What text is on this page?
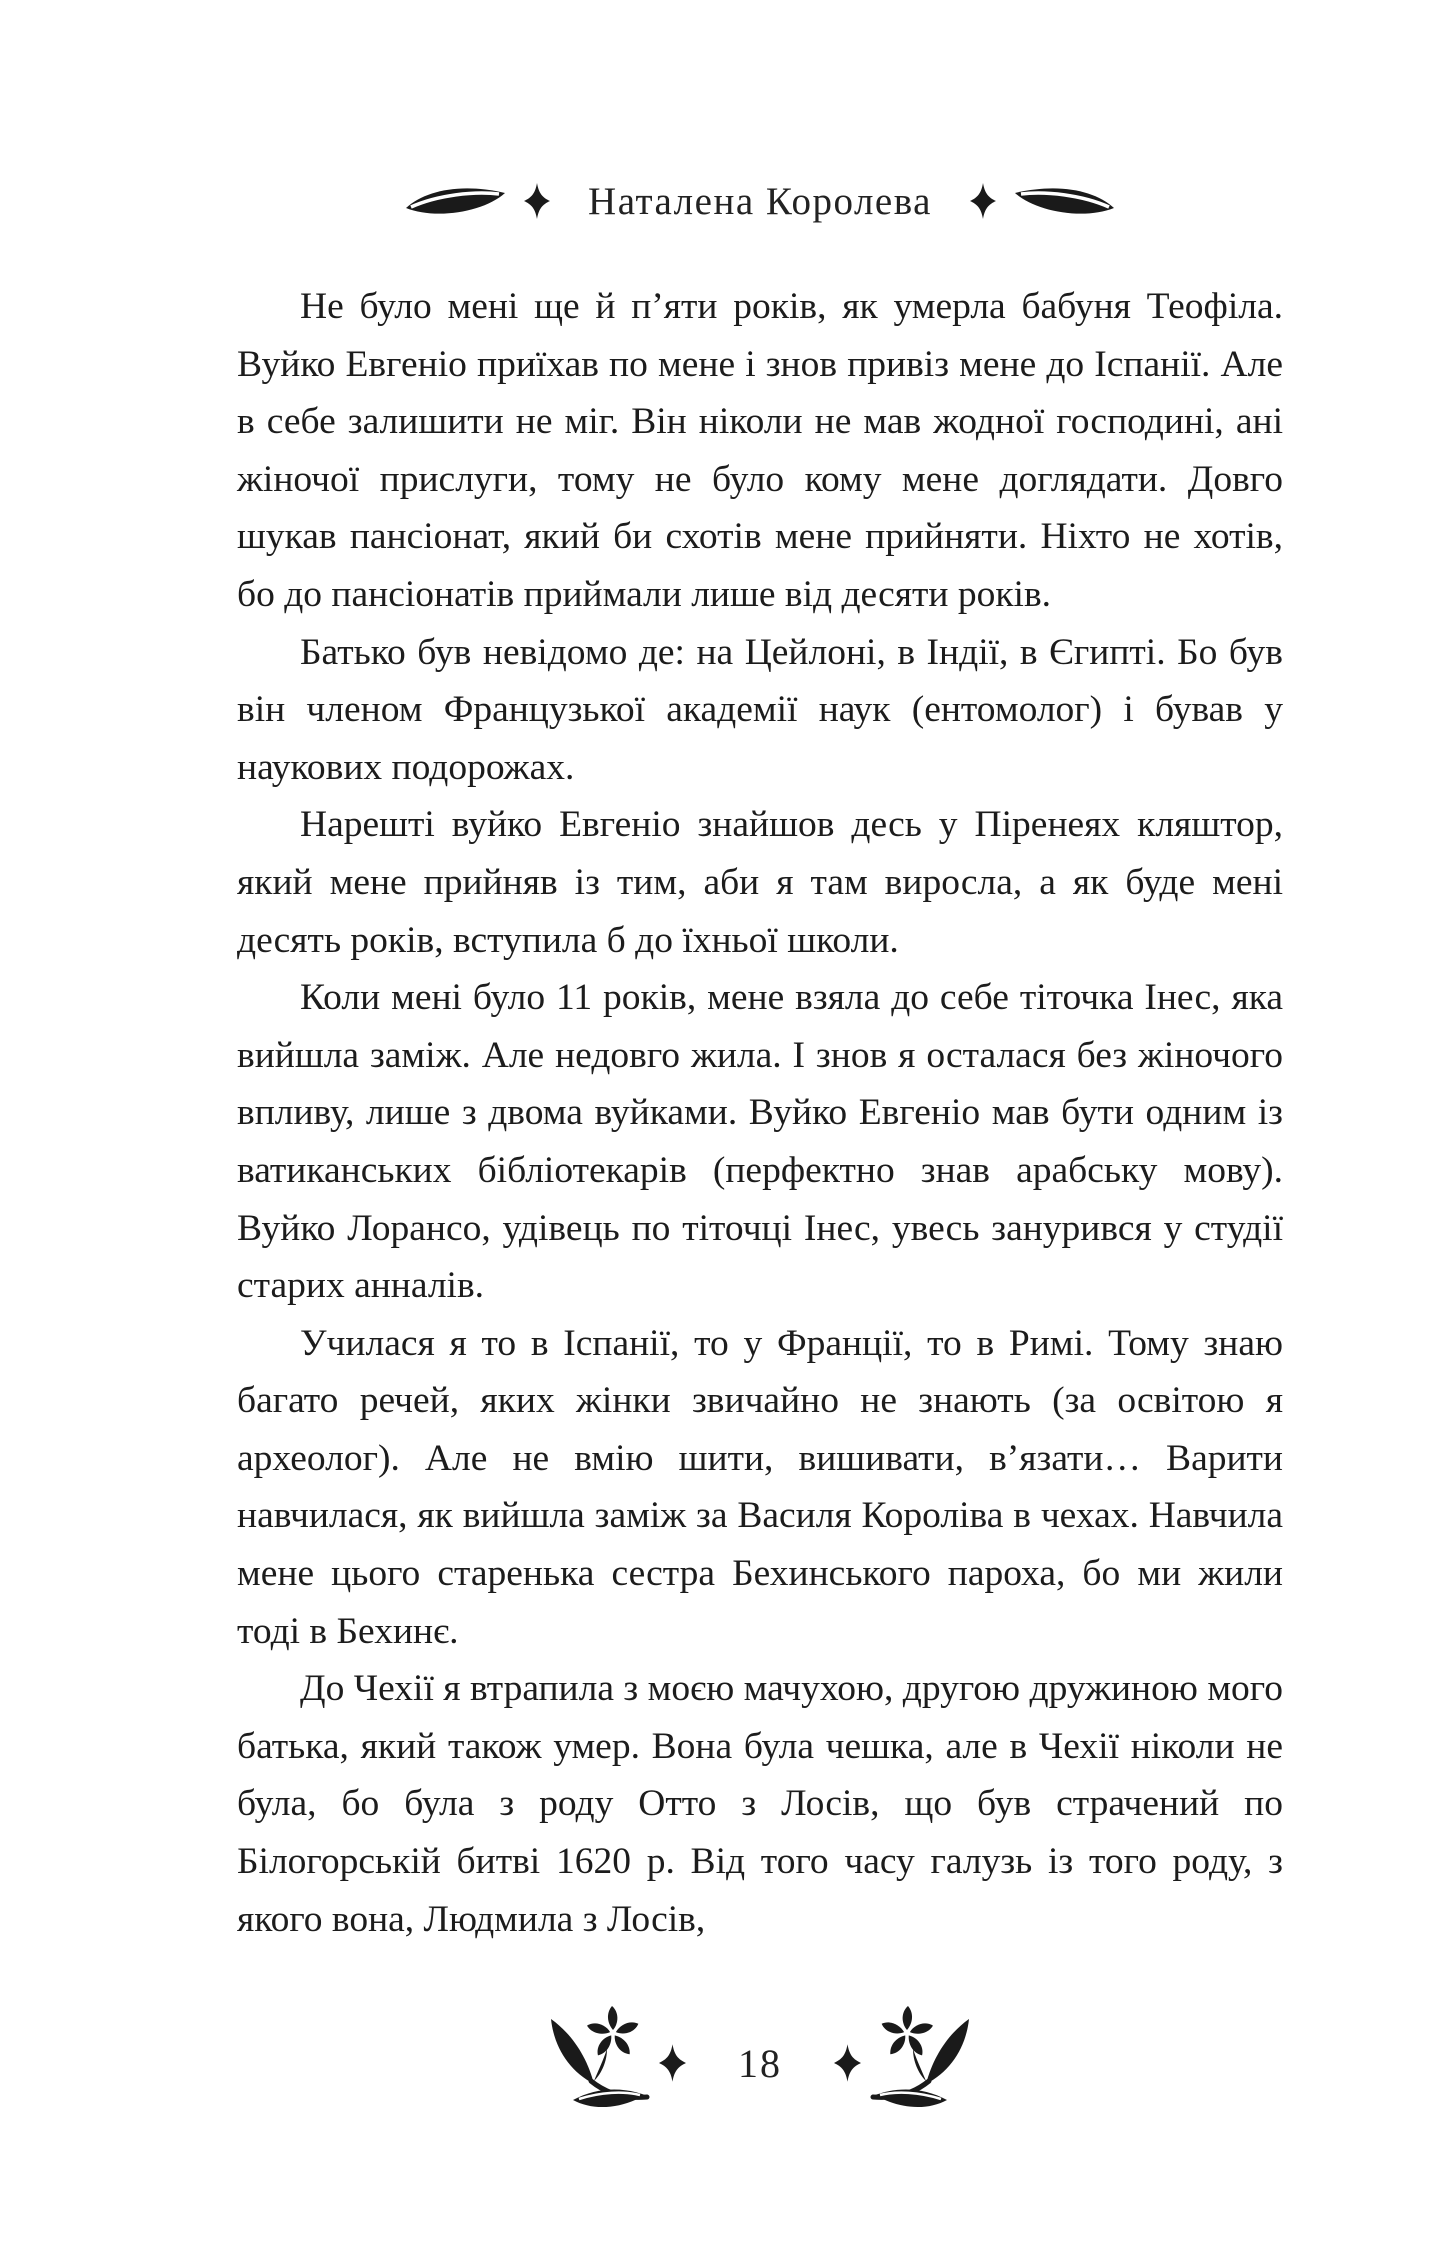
Наталена Королева

Не було мені ще й п’яти років, як умерла бабуня Теофіла. Вуйко Евгеніо приїхав по мене і знов привіз мене до Іспанії. Але в себе залишити не міг. Він ніколи не мав жодної господині, ані жіночої прислуги, тому не було кому мене доглядати. Довго шукав пансіонат, який би схотів мене прийняти. Ніхто не хотів, бо до пансіонатів приймали лише від десяти років.

Батько був невідомо де: на Цейлоні, в Індії, в Єгипті. Бо був він членом Французької академії наук (ентомолог) і бував у наукових подорожах.

Нарешті вуйко Евгеніо знайшов десь у Піренеях кляштор, який мене прийняв із тим, аби я там виросла, а як буде мені десять років, вступила б до їхньої школи.

Коли мені було 11 років, мене взяла до себе тіточка Інес, яка вийшла заміж. Але недовго жила. І знов я осталася без жіночого впливу, лише з двома вуйками. Вуйко Евгеніо мав бути одним із ватиканських бібліотекарів (перфектно знав арабську мову). Вуйко Лорансо, удівець по тіточці Інес, увесь занурився у студії старих анналів.

Училася я то в Іспанії, то у Франції, то в Римі. Тому знаю багато речей, яких жінки звичайно не знають (за освітою я археолог). Але не вмію шити, вишивати, в’язати… Варити навчилася, як вийшла заміж за Василя Короліва в чехах. Навчила мене цього старенька сестра Бехинського пароха, бо ми жили тоді в Бехинє.

До Чехії я втрапила з моєю мачухою, другою дружиною мого батька, який також умер. Вона була чешка, але в Чехії ніколи не була, бо була з роду Отто з Лосів, що був страчений по Білогорській битві 1620 р. Від того часу галузь із того роду, з якого вона, Людмила з Лосів,

18
